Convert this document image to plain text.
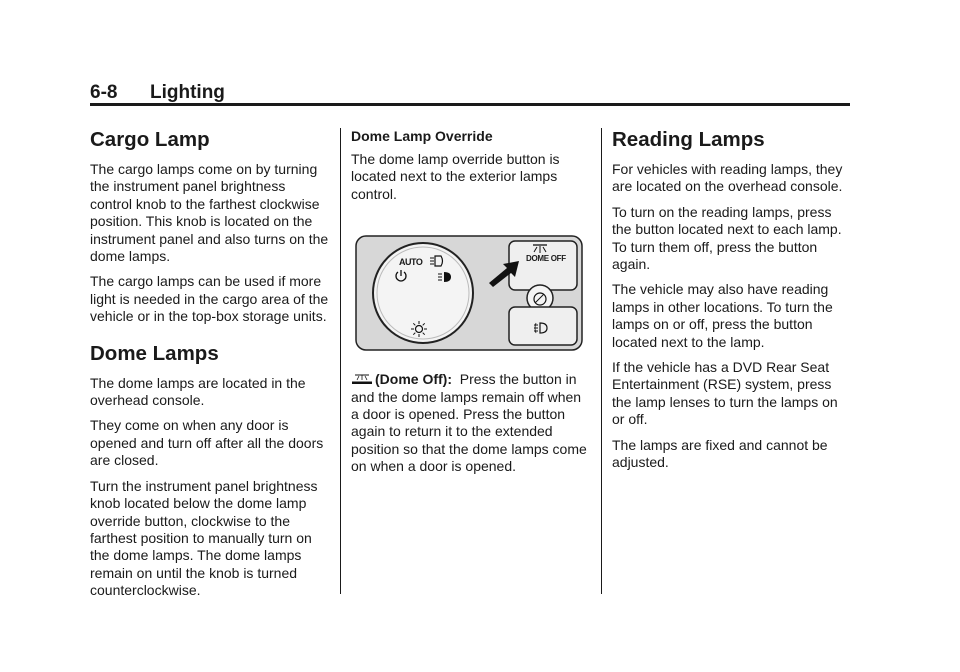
6-8 Lighting
Cargo Lamp

The cargo lamps come on by turning the instrument panel brightness control knob to the farthest clockwise position. This knob is located on the instrument panel and also turns on the dome lamps.

The cargo lamps can be used if more light is needed in the cargo area of the vehicle or in the top-box storage units.

Dome Lamps

The dome lamps are located in the overhead console.

They come on when any door is opened and turn off after all the doors are closed.

Turn the instrument panel brightness knob located below the dome lamp override button, clockwise to the farthest position to manually turn on the dome lamps. The dome lamps remain on until the knob is turned counterclockwise.

Dome Lamp Override

The dome lamp override button is located next to the exterior lamps control.

AUTO	DOME OFF

(Dome Off): Press the button in and the dome lamps remain off when a door is opened. Press the button again to return it to the extended position so that the dome lamps come on when a door is opened.

Reading Lamps

For vehicles with reading lamps, they are located on the overhead console.

To turn on the reading lamps, press the button located next to each lamp. To turn them off, press the button again.

The vehicle may also have reading lamps in other locations. To turn the lamps on or off, press the button located next to the lamp.

If the vehicle has a DVD Rear Seat Entertainment (RSE) system, press the lamp lenses to turn the lamps on or off.

The lamps are fixed and cannot be adjusted.
